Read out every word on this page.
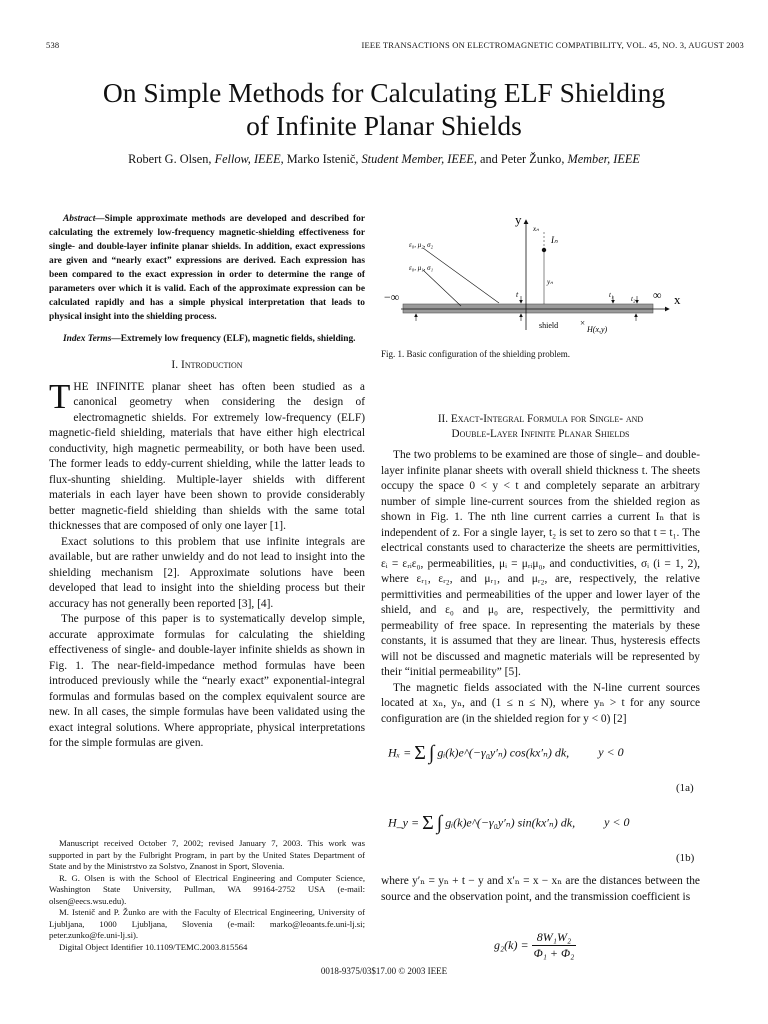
538	IEEE TRANSACTIONS ON ELECTROMAGNETIC COMPATIBILITY, VOL. 45, NO. 3, AUGUST 2003
On Simple Methods for Calculating ELF Shielding
of Infinite Planar Shields
Robert G. Olsen, Fellow, IEEE, Marko Istenič, Student Member, IEEE, and Peter Žunko, Member, IEEE

Abstract—Simple approximate methods are developed and described for calculating the extremely low-frequency magnetic-shielding effectiveness for single- and double-layer infinite planar shields. In addition, exact expressions are given and “nearly exact” expressions are derived. Each expression has been compared to the exact expression in order to determine the range of parameters over which it is valid. Each of the approximate expression can be calculated rapidly and has a simple physical interpretation that leads to physical insight into the shielding process.

Index Terms—Extremely low frequency (ELF), magnetic fields, shielding.

I. Introduction

THE INFINITE planar sheet has often been studied as a canonical geometry when considering the design of electromagnetic shields. For extremely low-frequency (ELF) magnetic-field shielding, materials that have either high electrical conductivity, high magnetic permeability, or both have been used. The former leads to eddy-current shielding, while the latter leads to flux-shunting shielding. Multiple-layer shields with different materials in each layer have been shown to provide considerably better magnetic-field shielding than shields with the same total thicknesses that are composed of only one layer [1].

Exact solutions to this problem that use infinite integrals are available, but are rather unwieldy and do not lead to insight into the shielding mechanism [2]. Approximate solutions have been developed that lead to insight into the shielding process but their accuracy has not generally been reported [3], [4].

The purpose of this paper is to systematically develop simple, accurate approximate formulas for calculating the shielding effectiveness of single- and double-layer infinite shields as shown in Fig. 1. The near-field-impedance method formulas have been introduced previously while the “nearly exact” exponential-integral formulas and formulas based on the complex equivalent source are new. In all cases, the simple formulas have been validated using the exact integral solutions. Where appropriate, physical interpretations for the simple formulas are given.

Manuscript received October 7, 2002; revised January 7, 2003. This work was supported in part by the Fulbright Program, in part by the United States Department of State and by the Ministrstvo za Solstvo, Znanost in Sport, Slovenia.

R. G. Olsen is with the School of Electrical Engineering and Computer Science, Washington State University, Pullman, WA 99164-2752 USA (e-mail: olsen@eecs.wsu.edu).

M. Istenič and P. Žunko are with the Faculty of Electrical Engineering, University of Ljubljana, 1000 Ljubljana, Slovenia (e-mail: marko@leoants.fe.uni-lj.si; peter.zunko@fe.uni-lj.si).

Digital Object Identifier 10.1109/TEMC.2003.815564

×
y
x
xₙ
Iₙ
yₙ
−∞	∞
t	t₁	t₂
shield	H(x,y)
ε₀, μ₂, σ₂
ε₀, μ₁, σ₁
Fig. 1. Basic configuration of the shielding problem.
II. Exact-Integral Formula for Single- and
Double-Layer Infinite Planar Shields

The two problems to be examined are those of single– and double-layer infinite planar sheets with overall shield thickness t. The sheets occupy the space 0 < y < t and completely separate an arbitrary number of simple line-current sources from the shielded region as shown in Fig. 1. The nth line current carries a current Iₙ that is independent of z. For a single layer, t₂ is set to zero so that t = t₁. The electrical constants used to characterize the sheets are permittivities, εᵢ = εᵣᵢε₀, permeabilities, μᵢ = μᵣᵢμ₀, and conductivities, σᵢ (i = 1, 2), where εᵣ₁, εᵣ₂, and μᵣ₁, and μᵣ₂, are, respectively, the relative permittivities and permeabilities of the upper and lower layer of the shield, and ε₀ and μ₀ are, respectively, the permittivity and permeability of free space. In representing the materials by these constants, it is assumed that they are linear. Thus, hysteresis effects will not be discussed and magnetic materials will be represented by their “initial permeability” [5].

The magnetic fields associated with the N-line current sources located at xₙ, yₙ, and (1 ≤ n ≤ N), where yₙ > t for any source configuration are (in the shielded region for y < 0) [2]

Hₓ = Σ ∫ gᵢ(k)e^(−γ₀y′ₙ) cos(kx′ₙ) dk, y < 0
(1a)
H_y = Σ ∫ gᵢ(k)e^(−γ₀y′ₙ) sin(kx′ₙ) dk, y < 0
(1b)
where y′ₙ = yₙ + t − y and x′ₙ = x − xₙ are the distances between the source and the observation point, and the transmission coefficient is
$g_2(k) = \frac{\text{8W₁W₂}}{\text{Φ₁ + Φ₂}}$
0018-9375/03$17.00 © 2003 IEEE
